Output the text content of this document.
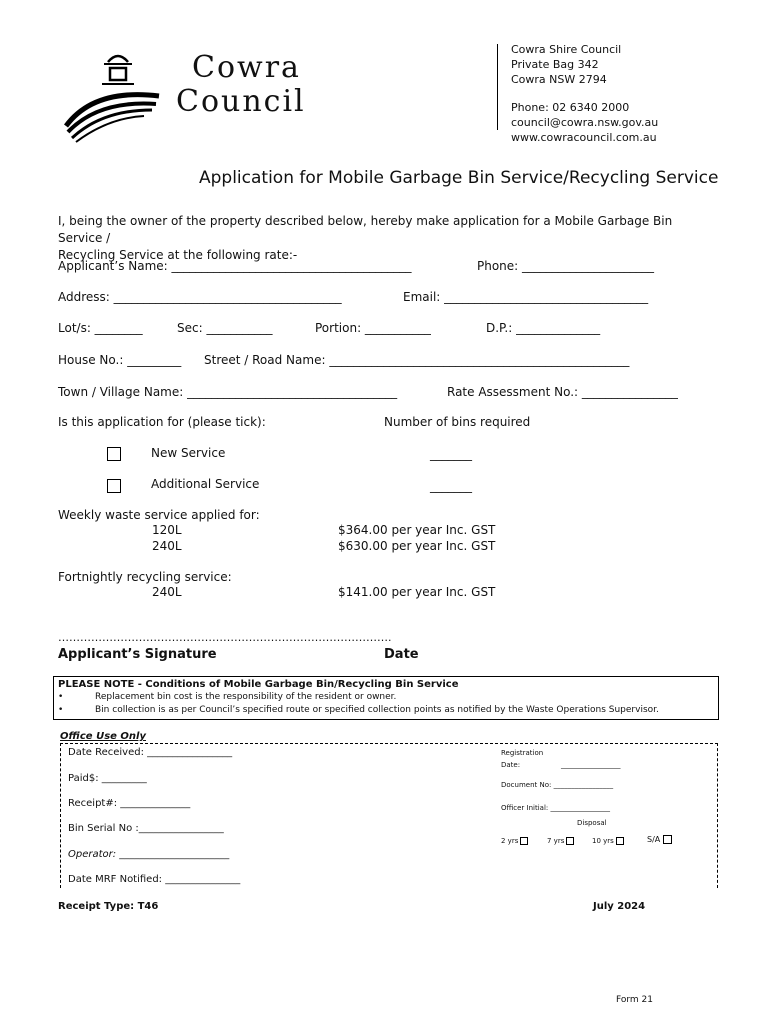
Cowra
Council
Cowra Shire Council
Private Bag 342
Cowra NSW 2794
Phone: 02 6340 2000
council@cowra.nsw.gov.au
www.cowracouncil.com.au
Application for Mobile Garbage Bin Service/Recycling Service
I, being the owner of the property described below, hereby make application for a Mobile Garbage Bin Service /
Recycling Service at the following rate:-
Applicant’s Name: ________________________________________	Phone: ______________________
Address: ______________________________________	Email: __________________________________
Lot/s: ________	Sec: ___________	Portion: ___________	D.P.: ______________
House No.: _________ Street / Road Name: __________________________________________________
Town / Village Name: ___________________________________	Rate Assessment No.: ________________
Is this application for (please tick):	Number of bins required
New Service	_______
Additional Service	_______
Weekly waste service applied for:
120L	$364.00 per year Inc. GST
240L	$630.00 per year Inc. GST
Fortnightly recycling service:
240L	$141.00 per year Inc. GST
……………………………………………………………………………….
Applicant’s Signature	Date
PLEASE NOTE - Conditions of Mobile Garbage Bin/Recycling Bin Service
•	Replacement bin cost is the responsibility of the resident or owner.
•	Bin collection is as per Council’s specified route or specified collection points as notified by the Waste Operations Supervisor.
Office Use Only
Date Received: _________________
Paid$: _________
Receipt#: ______________
Bin Serial No :_________________
Operator: ______________________
Date MRF Notified: _______________
Registration
Date:	_________________
Document No: _________________
Officer Initial: _________________
Disposal
2 yrs	7 yrs	10 yrs	S/A
Receipt Type: T46	July 2024
Form 21
